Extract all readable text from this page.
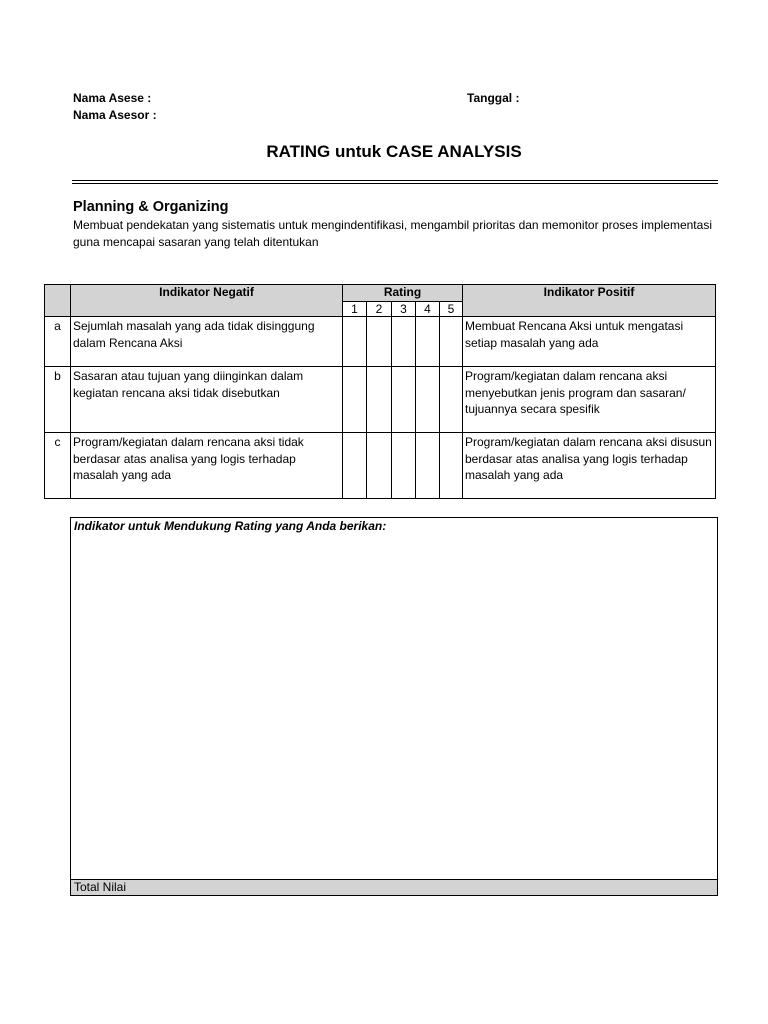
Nama Asese :
Nama Asesor :
Tanggal :
RATING untuk CASE ANALYSIS
Planning & Organizing
Membuat pendekatan yang sistematis untuk mengindentifikasi, mengambil prioritas dan memonitor proses implementasi guna mencapai sasaran yang telah ditentukan
	Indikator Negatif	Rating					Indikator Positif
		1	2	3	4	5	
a	Sejumlah masalah yang ada tidak disinggung dalam Rencana Aksi						Membuat Rencana Aksi untuk mengatasi setiap masalah yang ada
b	Sasaran atau tujuan yang diinginkan dalam kegiatan rencana aksi tidak disebutkan						Program/kegiatan dalam rencana aksi menyebutkan jenis program dan sasaran/ tujuannya secara spesifik
c	Program/kegiatan dalam rencana aksi tidak berdasar atas analisa yang logis terhadap masalah yang ada						Program/kegiatan dalam rencana aksi disusun berdasar atas analisa yang logis terhadap masalah yang ada
Indikator untuk Mendukung Rating yang Anda berikan:
Total Nilai
